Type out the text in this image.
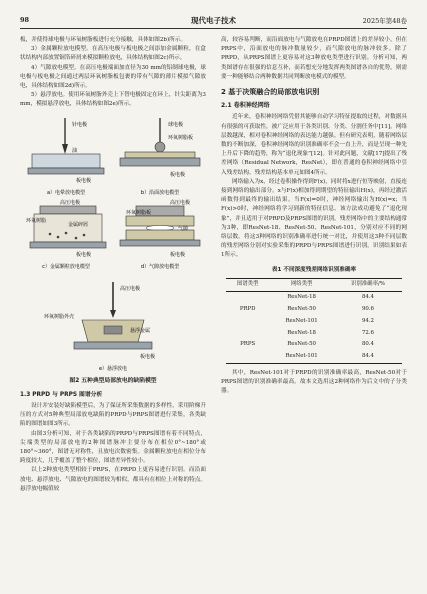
98	现代电子技术	2025年第48卷

板，并使得球电极与环氧树脂板进行充分接触，具体如图2b)所示。

3）金属颗粒放电模型。在高压电极与板电极之间添加金属颗粒，在盒状结构内部放置铜箔碎屑来模拟颗粒放电，具体结构如图2c)所示。

4）气隙放电模型。在高压电极端面加直径为30 mm的铝制球电极，球电极与板电极之间通过两层环氧树脂板包裹的带有气隙的薄片模拟气隙放电，具体结构如图2d)所示。

5）悬浮放电。使用环氧树脂外壳上下替电极固定在环上，针尖距离为3 mm，模拟悬浮放电，具体结构如图2e)所示。

针电极
油
板电极
a）电晕放电模型
球电极
环氧树脂板
板电极
b）沿面放电模型
高压电极
环氧树脂
金属碎屑
板电极
c）金属颗粒放电模型
高压电极
环氧树脂板
气隙
板电极
d）气隙放电模型
高压电极
环氧树脂外壳
悬浮金属
板电极
e）悬浮放电
图2 五种典型局部放电的缺陷模型
1.3 PRPD 与 PRPS 图谱分析

设计并安装好缺陷模型后，为了保证所采集数据的多样性，采用阶梯升压的方式对5种典型局部放电缺陷的PRPD与PRPS图谱进行采集，各类缺陷的图谱如图3所示。

由图3分析可知，对于各类缺陷的PRPD与PRPS图谱有着不同特点，尖端类型的局部放电的2种图谱脉冲主要分布在相位0°~180°或180°~360°，图谱无对称性，且放电次数密集。金属颗粒放电在相位分布跨度较大，几乎覆盖了整个相位，图谱差异性较小。

以上2种放电类型相较于PRPS，在PRPD上更容易进行识别。而沿面放电、悬浮放电、气隙放电的图谱较为相似，都具有在相位上对称的特点。悬浮放电幅值较

高，较容易判断，而沿面放电与气隙放电在PRPD图谱上的差异较小，但在PRPS中，沿面放电的脉冲数量较少，而气隙放电的脉冲较多。除了PRPD，从PRPS图谱上更容易对这3种放电类型进行识别。分析可知，两类图谱存在很强的信息互补，而若想充分地发挥两类图谱各自的优势，则需要一种能够结合两种数据共同判断放电模式的模型。

2 基于决策融合的局部放电识别
2.1 卷积神经网络

近年来，卷积神经网络凭借其能够自动学习特征提取的过程，对数据具有很强的可获取性，被广泛应用于各类识别、分类、分割任务中[11]。网络层数越深，相对卷积神经网络的表达能力越强。但有研究表明，随着网络层数的不断加深，卷积神经网络的识别准确率不会一直上升，而是呈现一种先上升后下降的趋势，称为“退化现象”[12]。针对此问题，文献[17]提出了残差网络（Residual Network，ResNet），即在普通的卷积神经网络中引入残差结构。残差结构基本单元如图4所示。

网络输入为x，经过卷积操作得到F(x)，同时将x进行恒等映射，直接连接到网络的输出部分。x与F(x)相加得到期望的特征输出H(x)，再经过激活函数得到最终的输出结果。当F(x)=0时，神经网络输出为H(x)=x；当F(x)>0时，神经网络将学习到新的特征信息。该方法成功避免了“退化现象”，并且适用于对PRPD及PRPS图谱的识别。残差网络中的主要结构通常为3种，即ResNet-18、ResNet-50、ResNet-101，分别对应不同的网络层数。将这3种网络的识别准确率进行统一对比，并使用这3种不同层数的残差网络分别对实验采集的PRPD与PRPS图谱进行识别，识别结果如表1所示。

表1 不同深度残差网络识别准确率
图谱类型	网络类型	识别准确率/%
PRPD	ResNet-18	84.4
	ResNet-50	90.6
	ResNet-101	94.2
PRPS	ResNet-18	72.6
	ResNet-50	80.4
	ResNet-101	84.4

其中，ResNet-101对于PRPD的识别准确率最高，ResNet-50对于PRPS图谱的识别准确率最高。故本文选用这2种网络作为后文中的子分类器。
